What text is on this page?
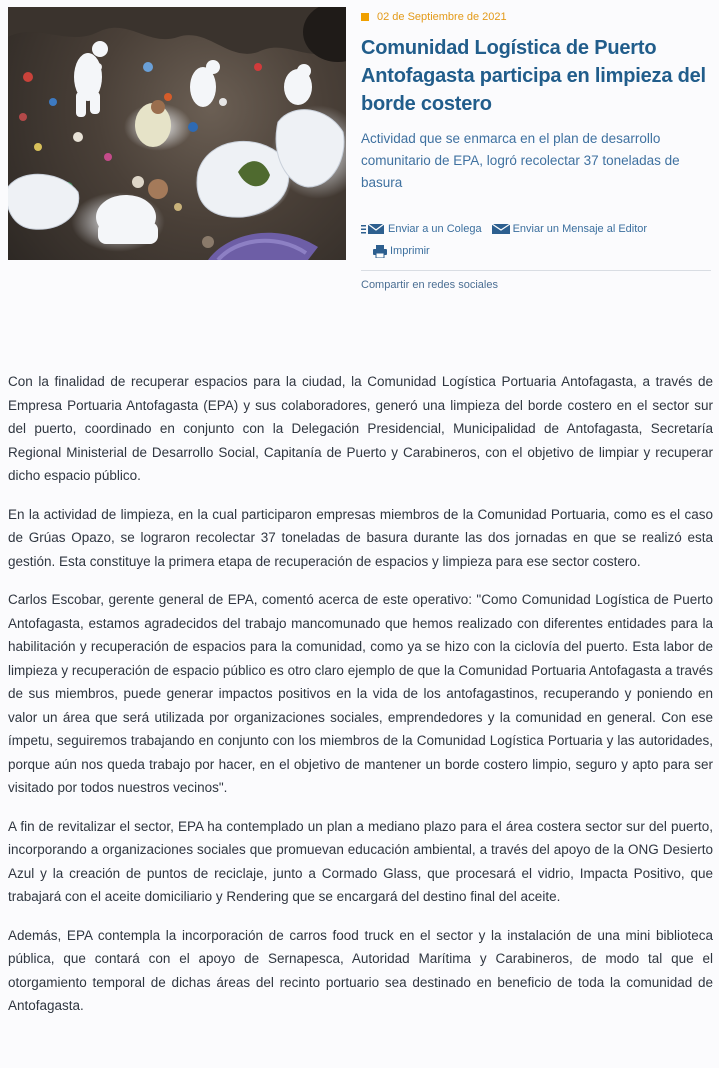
02 de Septiembre de 2021
Comunidad Logística de Puerto Antofagasta participa en limpieza del borde costero

Actividad que se enmarca en el plan de desarrollo comunitario de EPA, logró recolectar 37 toneladas de basura

Enviar a un Colega	Enviar un Mensaje al Editor
Imprimir
Compartir en redes sociales

Con la finalidad de recuperar espacios para la ciudad, la Comunidad Logística Portuaria Antofagasta, a través de Empresa Portuaria Antofagasta (EPA) y sus colaboradores, generó una limpieza del borde costero en el sector sur del puerto, coordinado en conjunto con la Delegación Presidencial, Municipalidad de Antofagasta, Secretaría Regional Ministerial de Desarrollo Social, Capitanía de Puerto y Carabineros, con el objetivo de limpiar y recuperar dicho espacio público.

En la actividad de limpieza, en la cual participaron empresas miembros de la Comunidad Portuaria, como es el caso de Grúas Opazo, se lograron recolectar 37 toneladas de basura durante las dos jornadas en que se realizó esta gestión. Esta constituye la primera etapa de recuperación de espacios y limpieza para ese sector costero.

Carlos Escobar, gerente general de EPA, comentó acerca de este operativo: "Como Comunidad Logística de Puerto Antofagasta, estamos agradecidos del trabajo mancomunado que hemos realizado con diferentes entidades para la habilitación y recuperación de espacios para la comunidad, como ya se hizo con la ciclovía del puerto. Esta labor de limpieza y recuperación de espacio público es otro claro ejemplo de que la Comunidad Portuaria Antofagasta a través de sus miembros, puede generar impactos positivos en la vida de los antofagastinos, recuperando y poniendo en valor un área que será utilizada por organizaciones sociales, emprendedores y la comunidad en general. Con ese ímpetu, seguiremos trabajando en conjunto con los miembros de la Comunidad Logística Portuaria y las autoridades, porque aún nos queda trabajo por hacer, en el objetivo de mantener un borde costero limpio, seguro y apto para ser visitado por todos nuestros vecinos".

A fin de revitalizar el sector, EPA ha contemplado un plan a mediano plazo para el área costera sector sur del puerto, incorporando a organizaciones sociales que promuevan educación ambiental, a través del apoyo de la ONG Desierto Azul y la creación de puntos de reciclaje, junto a Cormado Glass, que procesará el vidrio, Impacta Positivo, que trabajará con el aceite domiciliario y Rendering que se encargará del destino final del aceite.

Además, EPA contempla la incorporación de carros food truck en el sector y la instalación de una mini biblioteca pública, que contará con el apoyo de Sernapesca, Autoridad Marítima y Carabineros, de modo tal que el otorgamiento temporal de dichas áreas del recinto portuario sea destinado en beneficio de toda la comunidad de Antofagasta.
